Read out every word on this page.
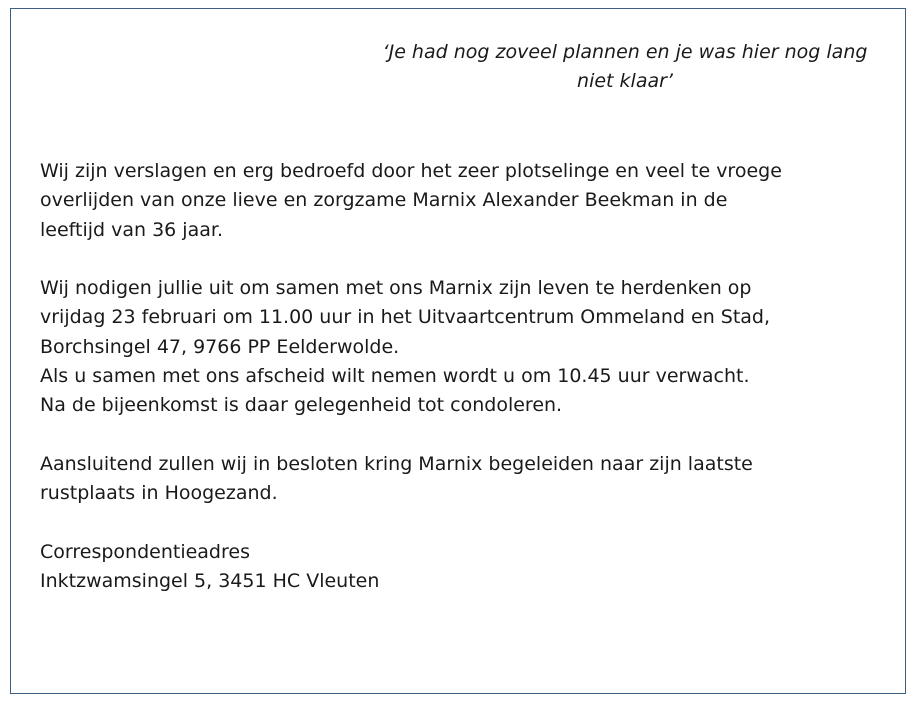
‘Je had nog zoveel plannen en je was hier nog lang
niet klaar’
Wij zijn verslagen en erg bedroefd door het zeer plotselinge en veel te vroege
overlijden van onze lieve en zorgzame Marnix Alexander Beekman in de
leeftijd van 36 jaar.
Wij nodigen jullie uit om samen met ons Marnix zijn leven te herdenken op
vrijdag 23 februari om 11.00 uur in het Uitvaartcentrum Ommeland en Stad,
Borchsingel 47, 9766 PP Eelderwolde.
Als u samen met ons afscheid wilt nemen wordt u om 10.45 uur verwacht.
Na de bijeenkomst is daar gelegenheid tot condoleren.
Aansluitend zullen wij in besloten kring Marnix begeleiden naar zijn laatste
rustplaats in Hoogezand.
Correspondentieadres
Inktzwamsingel 5, 3451 HC Vleuten
